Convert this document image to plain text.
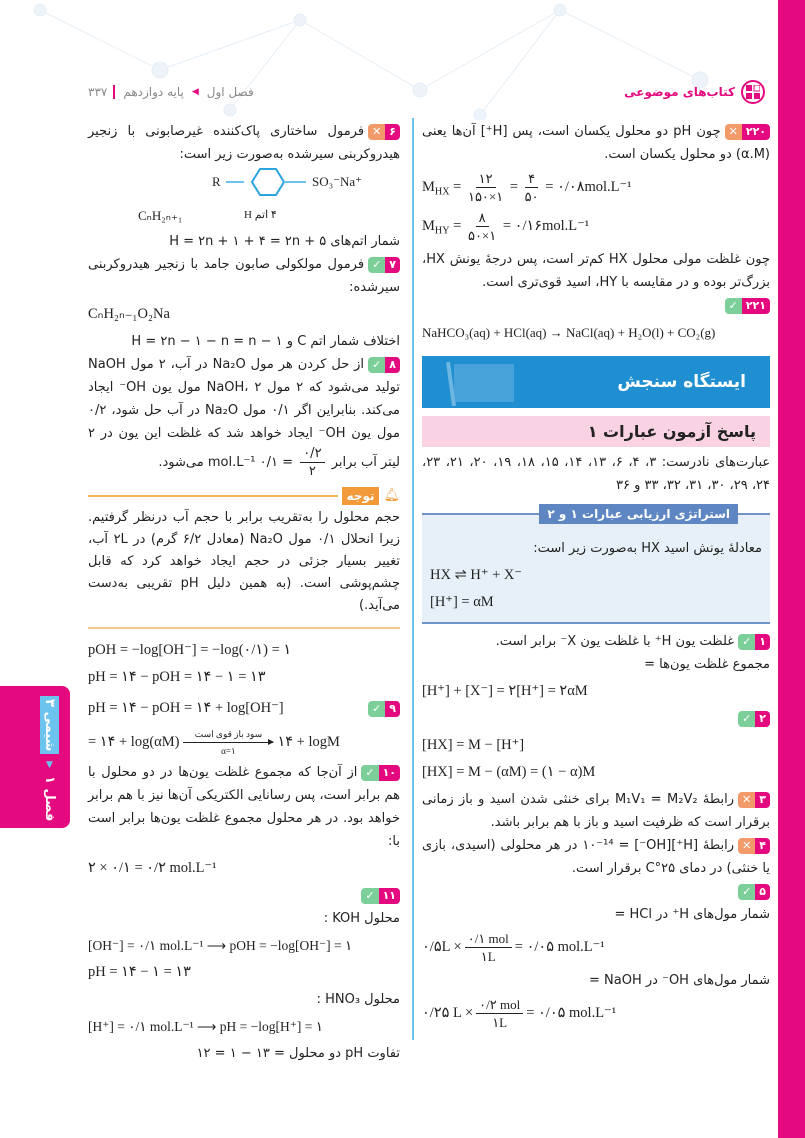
فصل اول
◀
پایه دوازدهم
۳۳۷	کتاب‌های موضوعی
شیمی ۳
▼
فصل ۱

۲۲۰
✕
چون pH دو محلول یکسان است، پس [H⁺] آن‌ها یعنی (α.M) دو محلول یکسان است.

$M_{HX} = \frac{۱۲}{۱۵۰\times ۱} = \frac{۴}{۵۰}$ = ۰/۰۸mol.L⁻¹
$M_{HY} = \frac{۸}{۵۰\times ۱}$ = ۰/۱۶mol.L⁻¹

چون غلظت مولی محلول HX کم‌تر است، پس درجهٔ یونش HX، بزرگ‌تر بوده و در مقایسه با HY، اسید قوی‌تری است.

۲۲۱
✓

NaHCO₃(aq) + HCl(aq) → NaCl(aq) + H₂O(l) + CO₂(g)
ایستگاه سنجش
پاسخ آزمون عبارات ۱

عبارت‌های نادرست: ۳، ۴، ۶، ۱۳، ۱۴، ۱۵، ۱۸، ۱۹، ۲۰، ۲۱، ۲۳، ۲۴، ۲۹، ۳۰، ۳۱، ۳۲، ۳۳ و ۳۶

استراتژی ارزیابی عبارات ۱ و ۲

معادلهٔ یونش اسید HX به‌صورت زیر است:

HX ⇌ H⁺ + X⁻
[H⁺] = αM

۱
✓
غلظت یون H⁺ با غلظت یون X⁻ برابر است.

مجموع غلظت یون‌ها =

[H⁺] + [X⁻] = ۲[H⁺] = ۲αM

۲
✓

[HX] = M − [H⁺]
[HX] = M − (αM) = (۱ − α)M

۳
✕
رابطهٔ M₁V₁ = M₂V₂ برای خنثی شدن اسید و باز زمانی برقرار است که ظرفیت اسید و باز با هم برابر باشد.

۴
✕
رابطهٔ [H⁺][OH⁻] = ۱۰⁻¹⁴ در هر محلولی (اسیدی، بازی یا خنثی) در دمای ۲۵°C برقرار است.

۵
✓

شمار مول‌های H⁺ در HCl =

۰/۵L × $\frac{\text{۰/۱ mol}}{۱L}$ = ۰/۰۵ mol.L⁻¹

شمار مول‌های OH⁻ در NaOH =

۰/۲۵ $L \times \frac{\text{۰/۲ mol}}{۱L}$ = ۰/۰۵ mol.L⁻¹

۶
✕
فرمول ساختاری پاک‌کننده غیرصابونی با زنجیر هیدروکربنی سیرشده به‌صورت زیر است:

R	SO₃⁻Na⁺
CₙH₂ₙ₊₁	۴ اتم H

شمار اتم‌های H = ۲n + ۱ + ۴ = ۲n + ۵

۷
✓
فرمول مولکولی صابون جامد با زنجیر هیدروکربنی سیرشده:

CₙH₂ₙ₋₁O₂Na

اختلاف شمار اتم C و H = ۲n − ۱ − n = n − ۱

۸
✓
از حل کردن هر مول Na₂O در آب، ۲ مول NaOH تولید می‌شود که ۲ مول NaOH، ۲ مول یون OH⁻ ایجاد می‌کند. بنابراین اگر ۰/۱ مول Na₂O در آب حل شود، ۰/۲ مول یون OH⁻ ایجاد خواهد شد که غلظت این یون در ۲ لیتر آب برابر
$\frac{۰/۲}{۲}$
= ۰/۱ mol.L⁻¹ می‌شود.

🔔︎
توجه
حجم محلول را به‌تقریب برابر با حجم آب درنظر گرفتیم. زیرا انحلال ۰/۱ مول Na₂O (معادل ۶/۲ گرم) در ۲L آب، تغییر بسیار جزئی در حجم ایجاد خواهد کرد که قابل چشم‌پوشی است. (به همین دلیل pH تقریبی به‌دست می‌آید.)
pOH = −log[OH⁻] = −log(۰/۱) = ۱
pH = ۱۴ − pOH = ۱۴ − ۱ = ۱۳
۹
✓
pH = ۱۴ − pOH = ۱۴ + log[OH⁻]
= ۱۴ + log(αM) سود باز قوی است
α=۱
۱۴ + logM

۱۰
✓
از آن‌جا که مجموع غلظت یون‌ها در دو محلول با هم برابر است، پس رسانایی الکتریکی آن‌ها نیز با هم برابر خواهد بود. در هر محلول مجموع غلظت یون‌ها برابر است با:

۲ × ۰/۱ = ۰/۲ mol.L⁻¹

۱۱
✓

محلول KOH :

[OH⁻] = ۰/۱ mol.L⁻¹ ⟶ pOH = −log[OH⁻] = ۱
pH = ۱۴ − ۱ = ۱۳

محلول HNO₃ :

[H⁺] = ۰/۱ mol.L⁻¹ ⟶ pH = −log[H⁺] = ۱

تفاوت pH دو محلول = ۱۳ − ۱ = ۱۲
